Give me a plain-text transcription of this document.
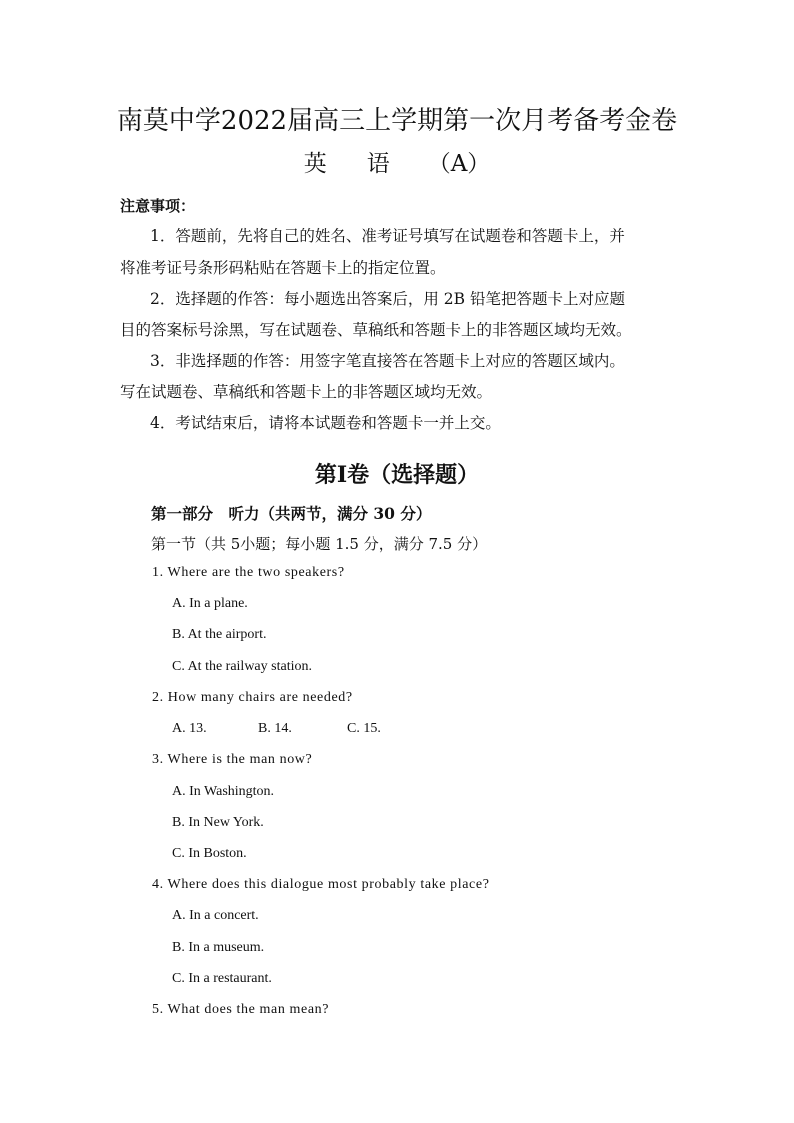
南莫中学2022届高三上学期第一次月考备考金卷
英 语 （A）
注意事项：
1．答题前，先将自己的姓名、准考证号填写在试题卷和答题卡上，并
将准考证号条形码粘贴在答题卡上的指定位置。
2．选择题的作答：每小题选出答案后，用 2B 铅笔把答题卡上对应题
目的答案标号涂黑，写在试题卷、草稿纸和答题卡上的非答题区域均无效。
3．非选择题的作答：用签字笔直接答在答题卡上对应的答题区域内。
写在试题卷、草稿纸和答题卡上的非答题区域均无效。
4．考试结束后，请将本试题卷和答题卡一并上交。
第Ⅰ卷（选择题）
第一部分　听力（共两节，满分 30 分）
第一节（共 5小题；每小题 1.5 分，满分 7.5 分）
1. Where are the two speakers?
A. In a plane.
B. At the airport.
C. At the railway station.
2. How many chairs are needed?
A. 13.	B. 14.	C. 15.
3. Where is the man now?
A. In Washington.
B. In New York.
C. In Boston.
4. Where does this dialogue most probably take place?
A. In a concert.
B. In a museum.
C. In a restaurant.
5. What does the man mean?
